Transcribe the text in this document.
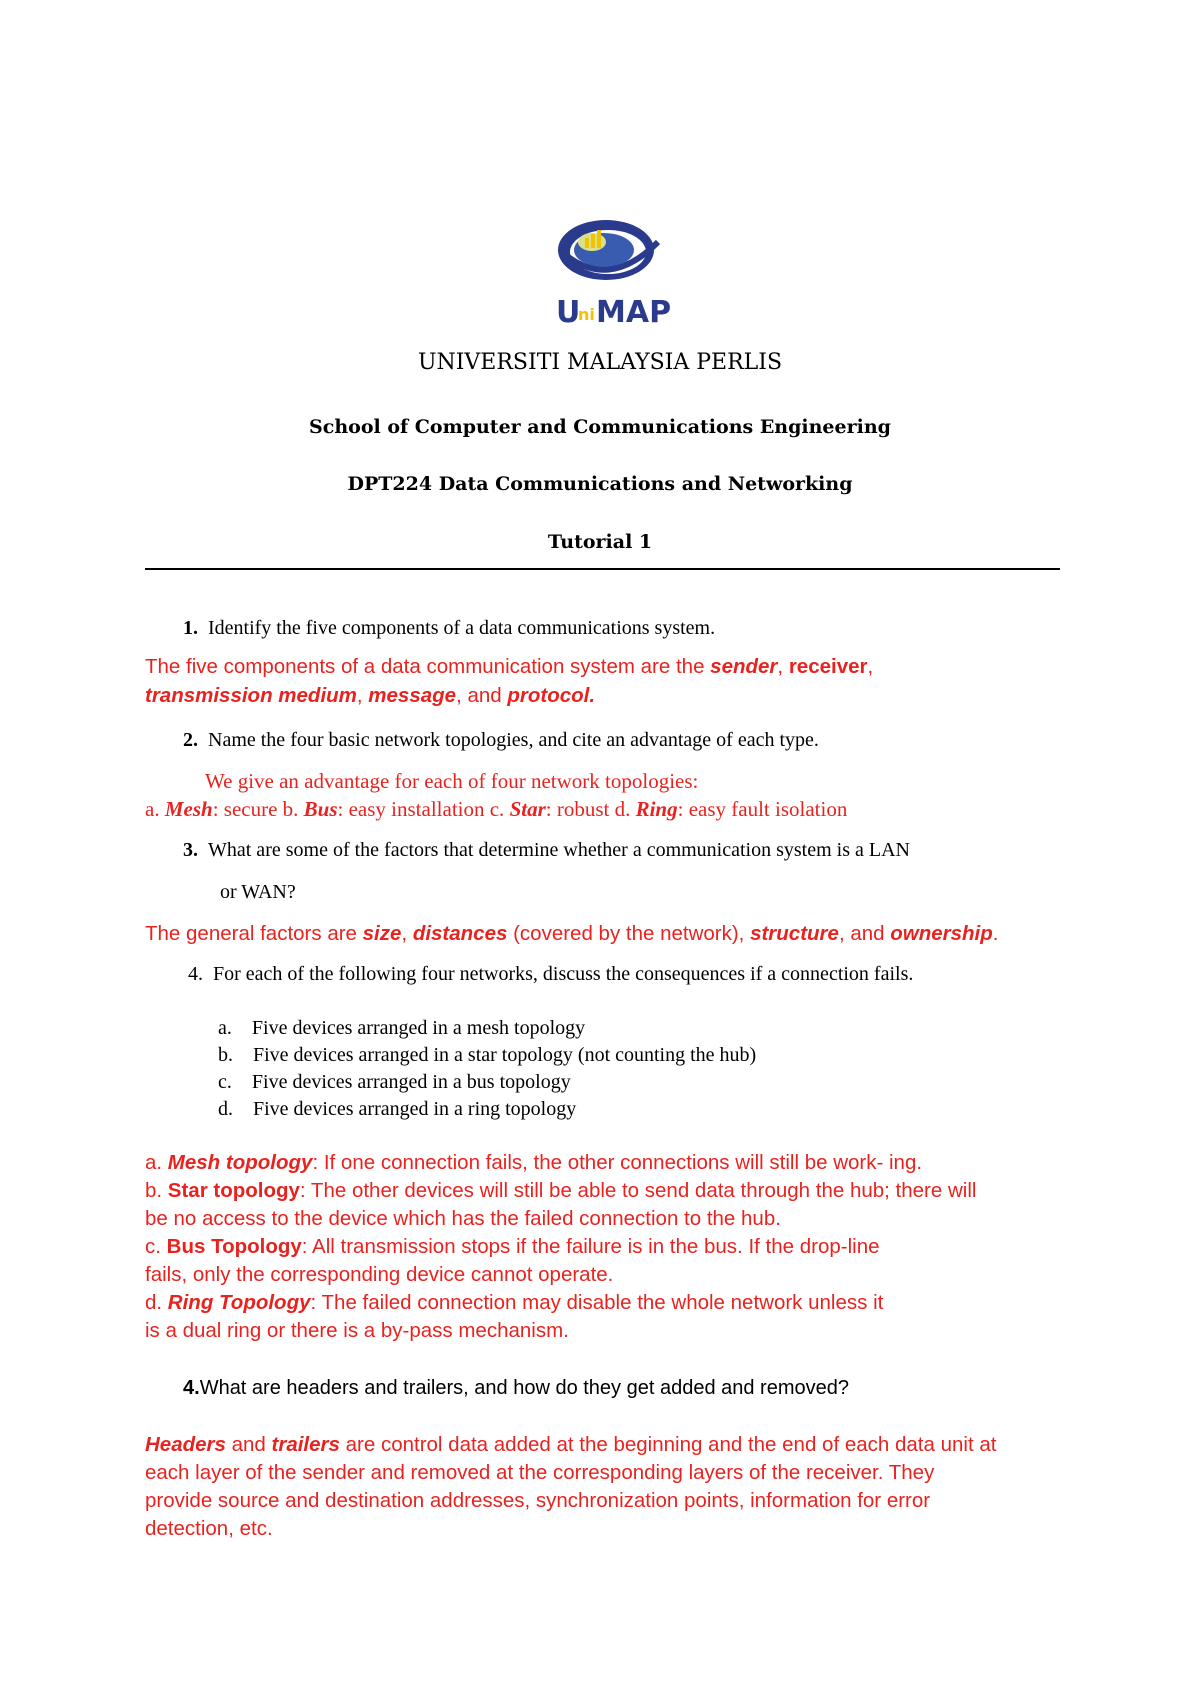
U
ni MAP
UNIVERSITI MALAYSIA PERLIS
School of Computer and Communications Engineering
DPT224 Data Communications and Networking
Tutorial 1
1. Identify the five components of a data communications system.
The five components of a data communication system are the sender, receiver,
transmission medium, message, and protocol.
2. Name the four basic network topologies, and cite an advantage of each type.
We give an advantage for each of four network topologies:
a. Mesh: secure b. Bus: easy installation c. Star: robust d. Ring: easy fault isolation
3. What are some of the factors that determine whether a communication system is a LAN
or WAN?
The general factors are size, distances (covered by the network), structure, and ownership.
4. For each of the following four networks, discuss the consequences if a connection fails.
a. Five devices arranged in a mesh topology
b. Five devices arranged in a star topology (not counting the hub)
c. Five devices arranged in a bus topology
d. Five devices arranged in a ring topology
a. Mesh topology: If one connection fails, the other connections will still be work- ing.
b. Star topology: The other devices will still be able to send data through the hub; there will
be no access to the device which has the failed connection to the hub.
c. Bus Topology: All transmission stops if the failure is in the bus. If the drop-line
fails, only the corresponding device cannot operate.
d. Ring Topology: The failed connection may disable the whole network unless it
is a dual ring or there is a by-pass mechanism.
4.What are headers and trailers, and how do they get added and removed?
Headers and trailers are control data added at the beginning and the end of each data unit at
each layer of the sender and removed at the corresponding layers of the receiver. They
provide source and destination addresses, synchronization points, information for error
detection, etc.
